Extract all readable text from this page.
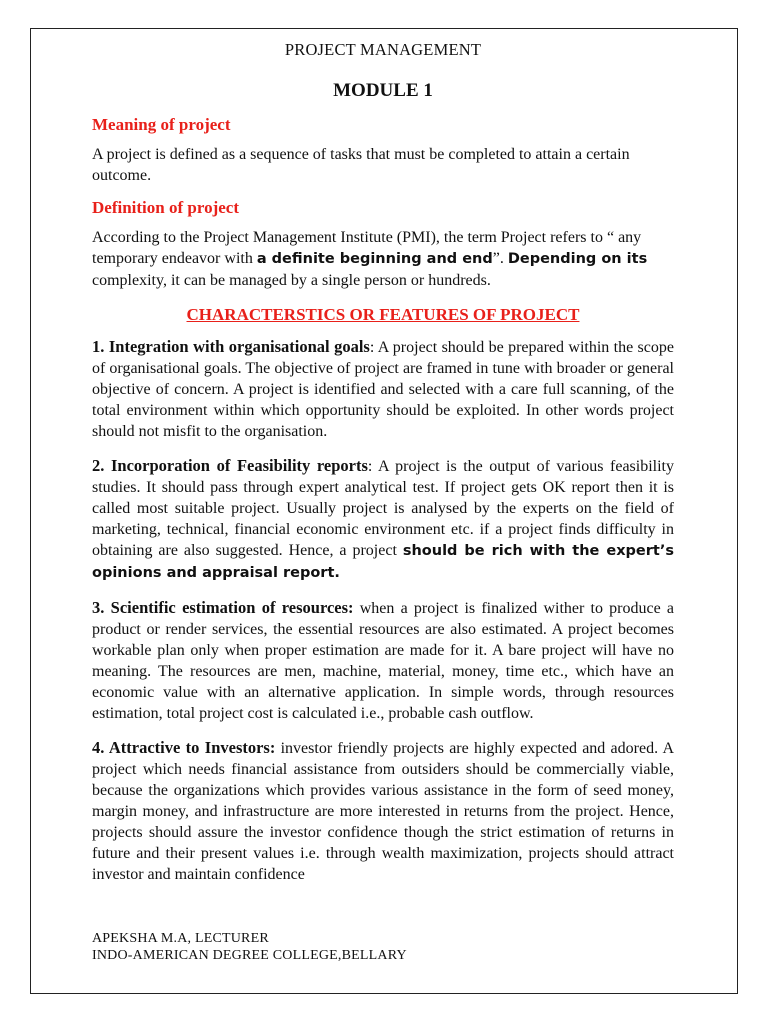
PROJECT MANAGEMENT
MODULE 1
Meaning of project

A project is defined as a sequence of tasks that must be completed to attain a certain outcome.

Definition of project

According to the Project Management Institute (PMI), the term Project refers to “ any temporary endeavor with a definite beginning and end”. Depending on its complexity, it can be managed by a single person or hundreds.

CHARACTERSTICS OR FEATURES OF PROJECT

1. Integration with organisational goals: A project should be prepared within the scope of organisational goals. The objective of project are framed in tune with broader or general objective of concern. A project is identified and selected with a care full scanning, of the total environment within which opportunity should be exploited. In other words project should not misfit to the organisation.

2. Incorporation of Feasibility reports: A project is the output of various feasibility studies. It should pass through expert analytical test. If project gets OK report then it is called most suitable project. Usually project is analysed by the experts on the field of marketing, technical, financial economic environment etc. if a project finds difficulty in obtaining are also suggested. Hence, a project should be rich with the expert’s opinions and appraisal report.

3. Scientific estimation of resources: when a project is finalized wither to produce a product or render services, the essential resources are also estimated. A project becomes workable plan only when proper estimation are made for it. A bare project will have no meaning. The resources are men, machine, material, money, time etc., which have an economic value with an alternative application. In simple words, through resources estimation, total project cost is calculated i.e., probable cash outflow.

4. Attractive to Investors: investor friendly projects are highly expected and adored. A project which needs financial assistance from outsiders should be commercially viable, because the organizations which provides various assistance in the form of seed money, margin money, and infrastructure are more interested in returns from the project. Hence, projects should assure the investor confidence though the strict estimation of returns in future and their present values i.e. through wealth maximization, projects should attract investor and maintain confidence

APEKSHA M.A, LECTURER
INDO-AMERICAN DEGREE COLLEGE,BELLARY
